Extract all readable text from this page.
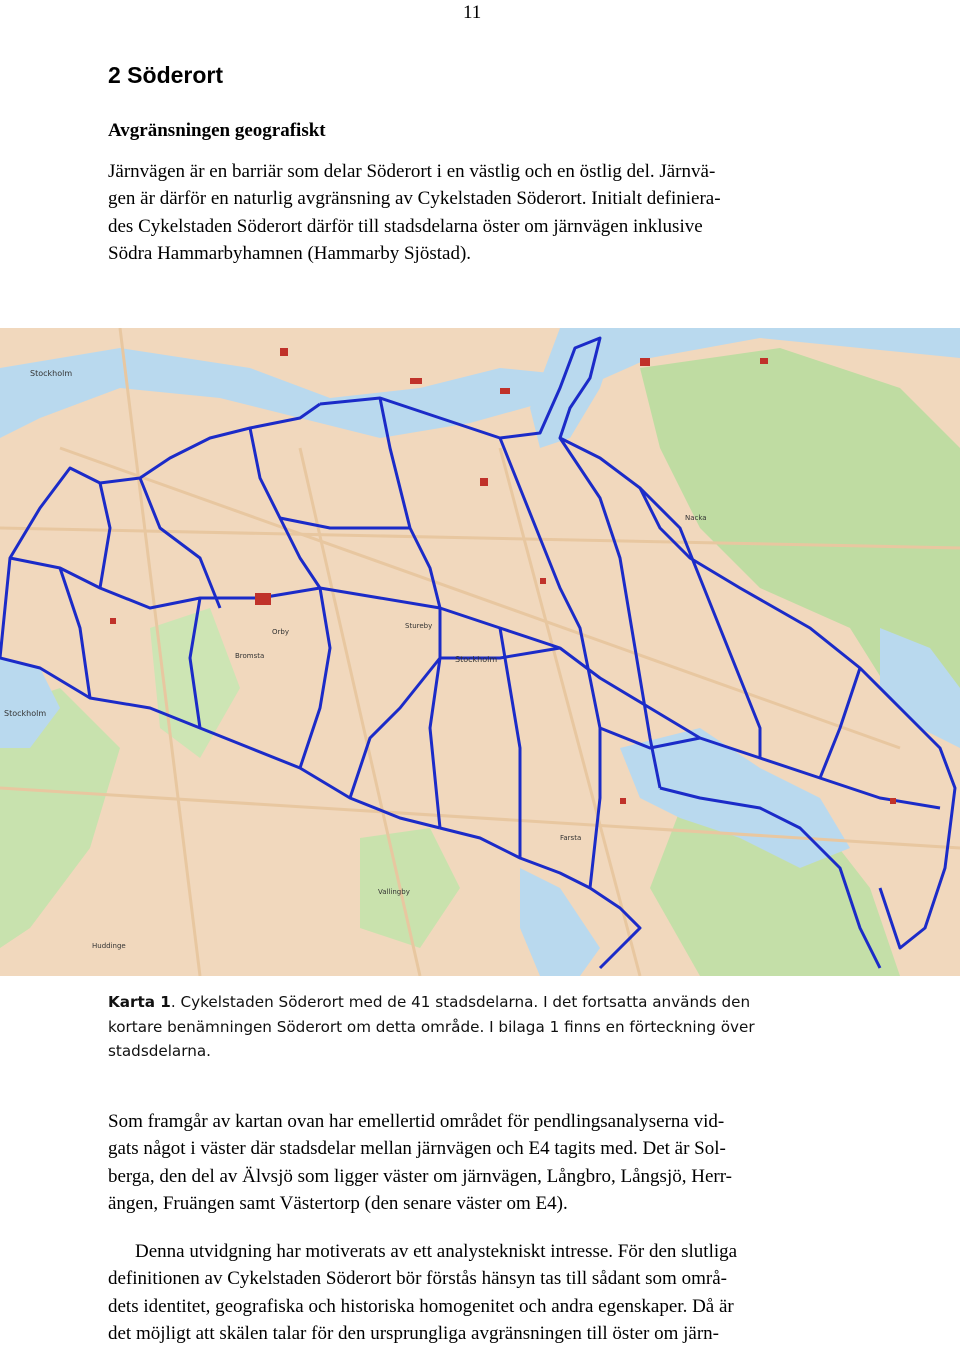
11
2 Söderort
Avgränsningen geografiskt

Järnvägen är en barriär som delar Söderort i en västlig och en östlig del. Järnvä-
gen är därför en naturlig avgränsning av Cykelstaden Söderort. Initialt definiera-
des Cykelstaden Söderort därför till stadsdelarna öster om järnvägen inklusive
Södra Hammarbyhamnen (Hammarby Sjöstad).

Stockholm
Stockholm
Stockholm
Nacka
Orby
Stureby
Bromsta
Farsta
Vallingby
Huddinge

Karta 1. Cykelstaden Söderort med de 41 stadsdelarna. I det fortsatta används den
kortare benämningen Söderort om detta område. I bilaga 1 finns en förteckning över
stadsdelarna.

Som framgår av kartan ovan har emellertid området för pendlingsanalyserna vid-
gats något i väster där stadsdelar mellan järnvägen och E4 tagits med. Det är Sol-
berga, den del av Älvsjö som ligger väster om järnvägen, Långbro, Långsjö, Herr-
ängen, Fruängen samt Västertorp (den senare väster om E4).

Denna utvidgning har motiverats av ett analystekniskt intresse. För den slutliga
definitionen av Cykelstaden Söderort bör förstås hänsyn tas till sådant som områ-
dets identitet, geografiska och historiska homogenitet och andra egenskaper. Då är
det möjligt att skälen talar för den ursprungliga avgränsningen till öster om järn-
